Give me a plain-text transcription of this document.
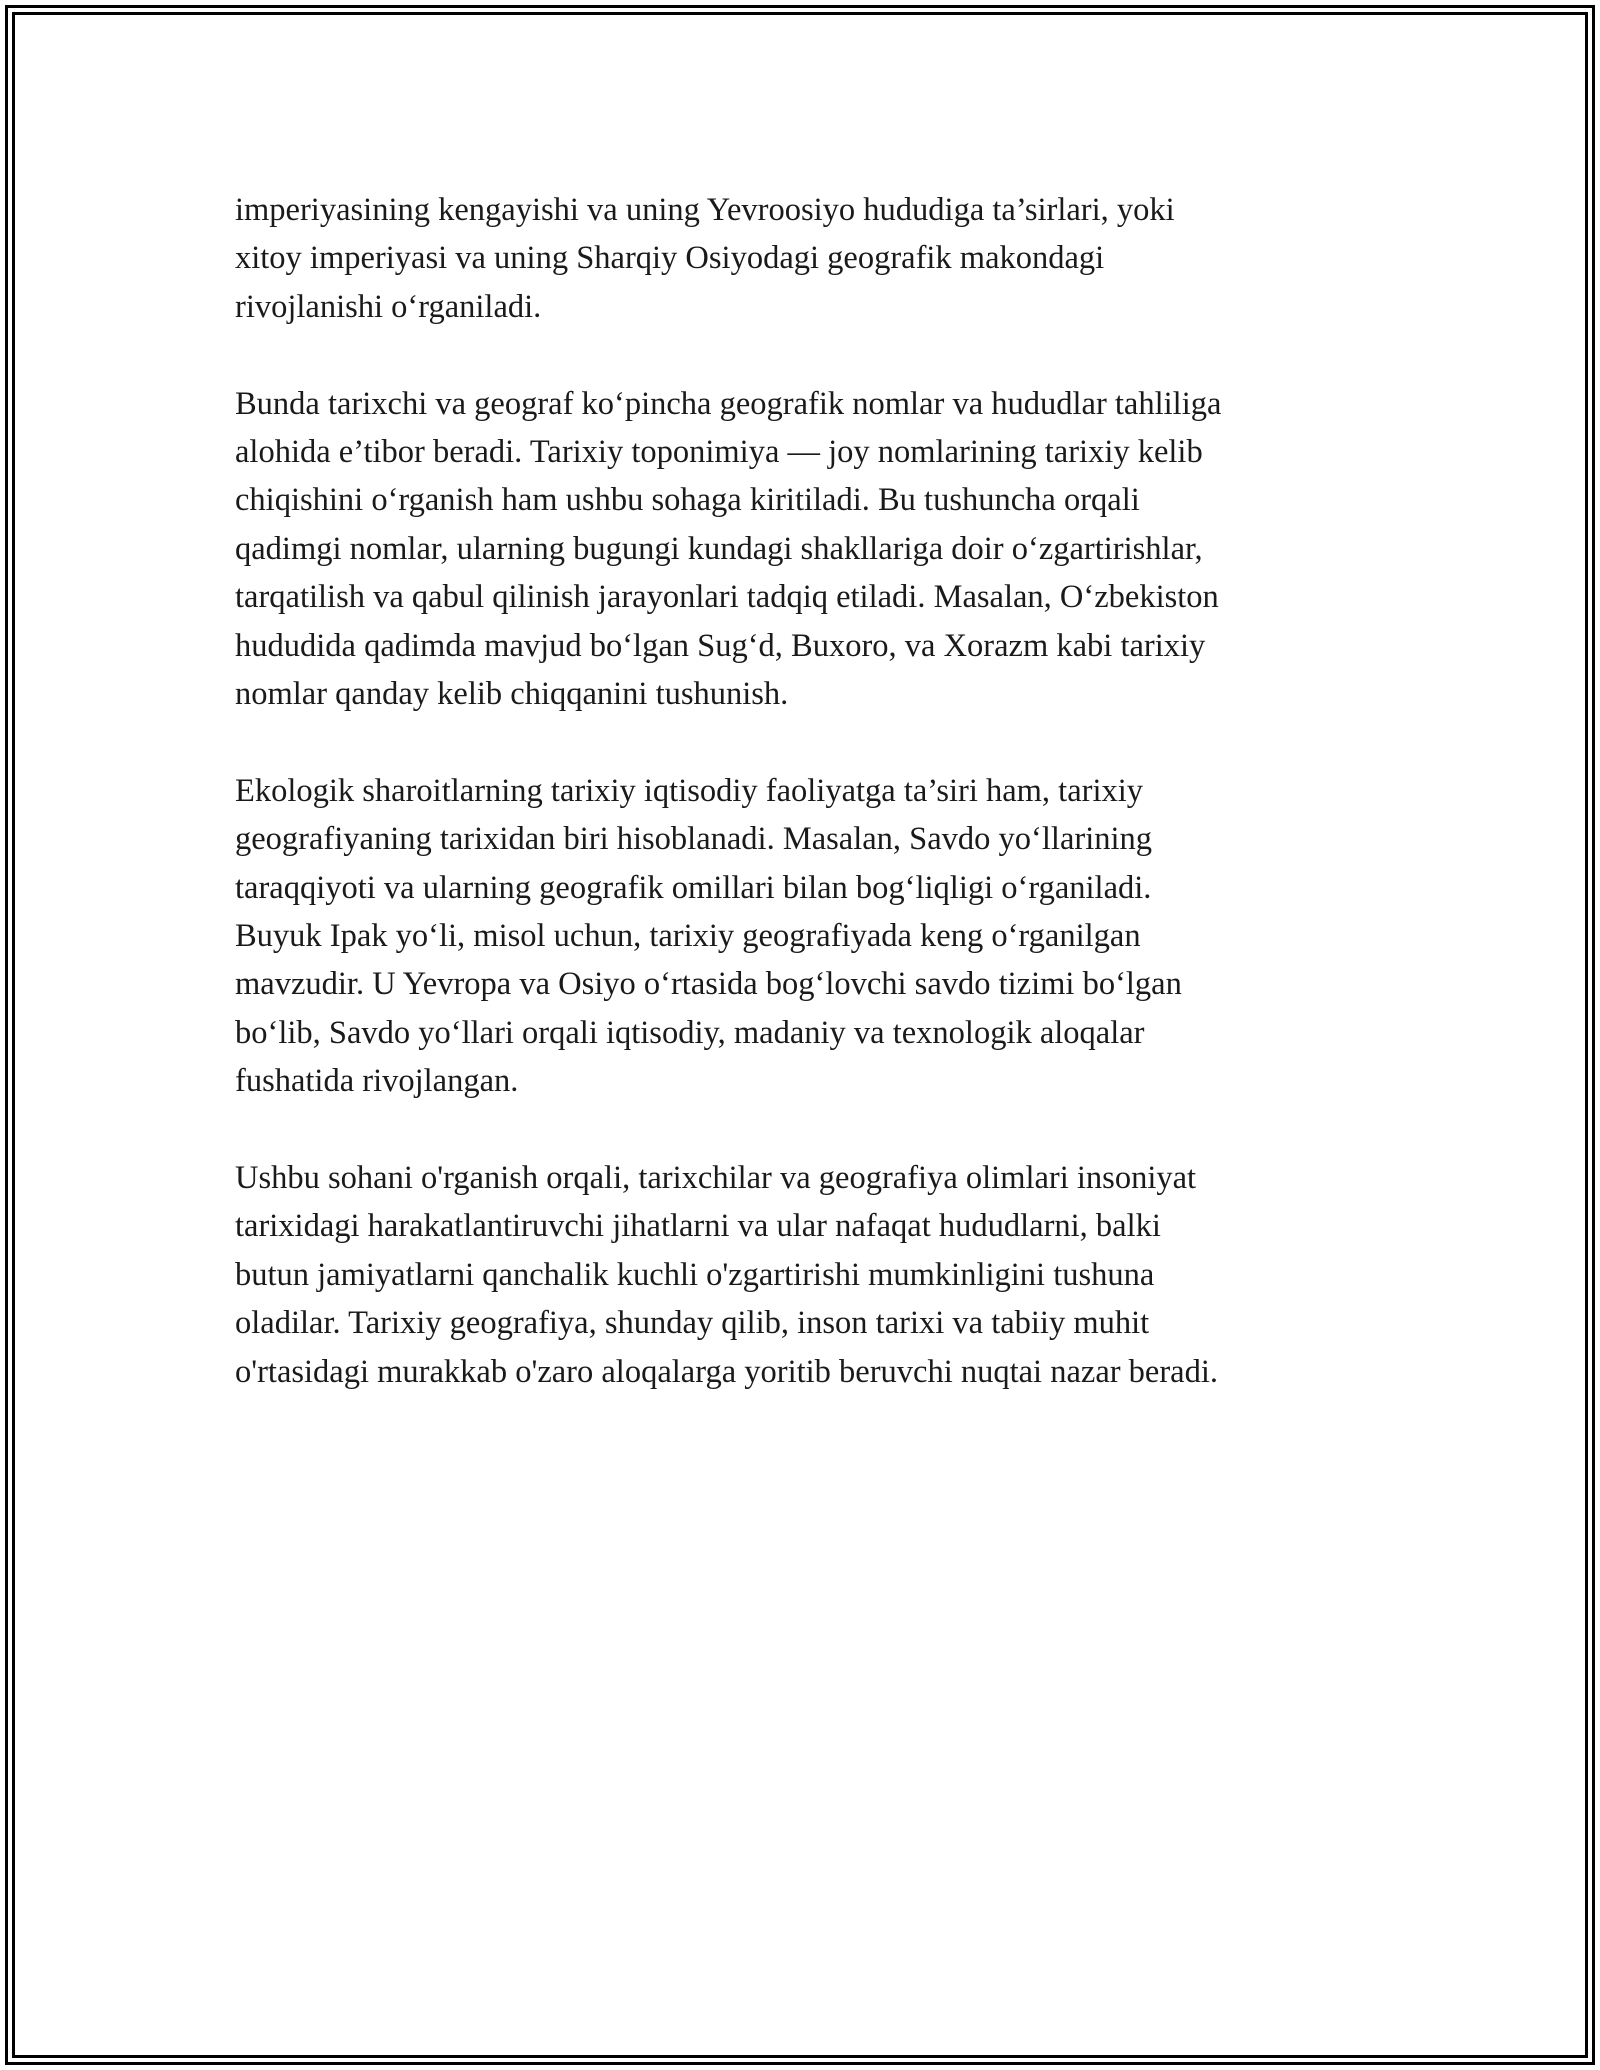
imperiyasining kengayishi va uning Yevroosiyo hududiga ta’sirlari, yoki
xitoy imperiyasi va uning Sharqiy Osiyodagi geografik makondagi
rivojlanishi o‘rganiladi.

Bunda tarixchi va geograf ko‘pincha geografik nomlar va hududlar tahliliga
alohida e’tibor beradi. Tarixiy toponimiya — joy nomlarining tarixiy kelib
chiqishini o‘rganish ham ushbu sohaga kiritiladi. Bu tushuncha orqali
qadimgi nomlar, ularning bugungi kundagi shakllariga doir o‘zgartirishlar,
tarqatilish va qabul qilinish jarayonlari tadqiq etiladi. Masalan, O‘zbekiston
hududida qadimda mavjud bo‘lgan Sug‘d, Buxoro, va Xorazm kabi tarixiy
nomlar qanday kelib chiqqanini tushunish.

Ekologik sharoitlarning tarixiy iqtisodiy faoliyatga ta’siri ham, tarixiy
geografiyaning tarixidan biri hisoblanadi. Masalan, Savdo yo‘llarining
taraqqiyoti va ularning geografik omillari bilan bog‘liqligi o‘rganiladi.
Buyuk Ipak yo‘li, misol uchun, tarixiy geografiyada keng o‘rganilgan
mavzudir. U Yevropa va Osiyo o‘rtasida bog‘lovchi savdo tizimi bo‘lgan
bo‘lib, Savdo yo‘llari orqali iqtisodiy, madaniy va texnologik aloqalar
fushatida rivojlangan.

Ushbu sohani o'rganish orqali, tarixchilar va geografiya olimlari insoniyat
tarixidagi harakatlantiruvchi jihatlarni va ular nafaqat hududlarni, balki
butun jamiyatlarni qanchalik kuchli o'zgartirishi mumkinligini tushuna
oladilar. Tarixiy geografiya, shunday qilib, inson tarixi va tabiiy muhit
o'rtasidagi murakkab o'zaro aloqalarga yoritib beruvchi nuqtai nazar beradi.
